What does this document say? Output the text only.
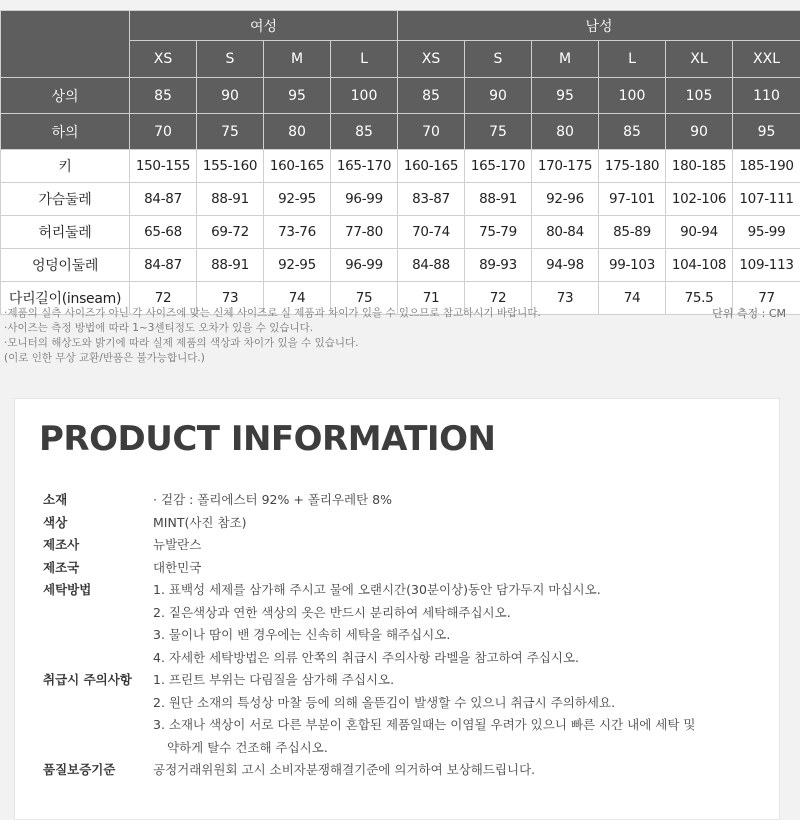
	여성				남성					
	XS	S	M	L	XS	S	M	L	XL	XXL
상의	85	90	95	100	85	90	95	100	105	110
하의	70	75	80	85	70	75	80	85	90	95
키	150-155	155-160	160-165	165-170	160-165	165-170	170-175	175-180	180-185	185-190
가슴둘레	84-87	88-91	92-95	96-99	83-87	88-91	92-96	97-101	102-106	107-111
허리둘레	65-68	69-72	73-76	77-80	70-74	75-79	80-84	85-89	90-94	95-99
엉덩이둘레	84-87	88-91	92-95	96-99	84-88	89-93	94-98	99-103	104-108	109-113
다리길이(inseam)	72	73	74	75	71	72	73	74	75.5	77
·제품의 실측 사이즈가 아닌 각 사이즈에 맞는 신체 사이즈로 실 제품과 차이가 있을 수 있으므로 참고하시기 바랍니다.
·사이즈는 측정 방법에 따라 1~3센티정도 오차가 있을 수 있습니다.
·모니터의 해상도와 밝기에 따라 실제 제품의 색상과 차이가 있을 수 있습니다.
(이로 인한 무상 교환/반품은 불가능합니다.)
단위 측정 : CM
PRODUCT INFORMATION
소재	· 겉감 : 폴리에스터 92% + 폴리우레탄 8%
색상	MINT(사진 참조)
제조사	뉴발란스
제조국	대한민국
세탁방법	1. 표백성 세제를 삼가해 주시고 물에 오랜시간(30분이상)동안 담가두지 마십시오.
2. 짙은색상과 연한 색상의 옷은 반드시 분리하여 세탁해주십시오.
3. 물이나 땀이 밴 경우에는 신속히 세탁을 해주십시오.
4. 자세한 세탁방법은 의류 안쪽의 취급시 주의사항 라벨을 참고하여 주십시오.
취급시 주의사항	1. 프린트 부위는 다림질을 삼가해 주십시오.
2. 원단 소재의 특성상 마찰 등에 의해 올뜯김이 발생할 수 있으니 취급시 주의하세요.
3. 소재나 색상이 서로 다른 부분이 혼합된 제품일때는 이염될 우려가 있으니 빠른 시간 내에 세탁 및
약하게 탈수 건조해 주십시오.
품질보증기준	공정거래위원회 고시 소비자분쟁해결기준에 의거하여 보상해드립니다.
